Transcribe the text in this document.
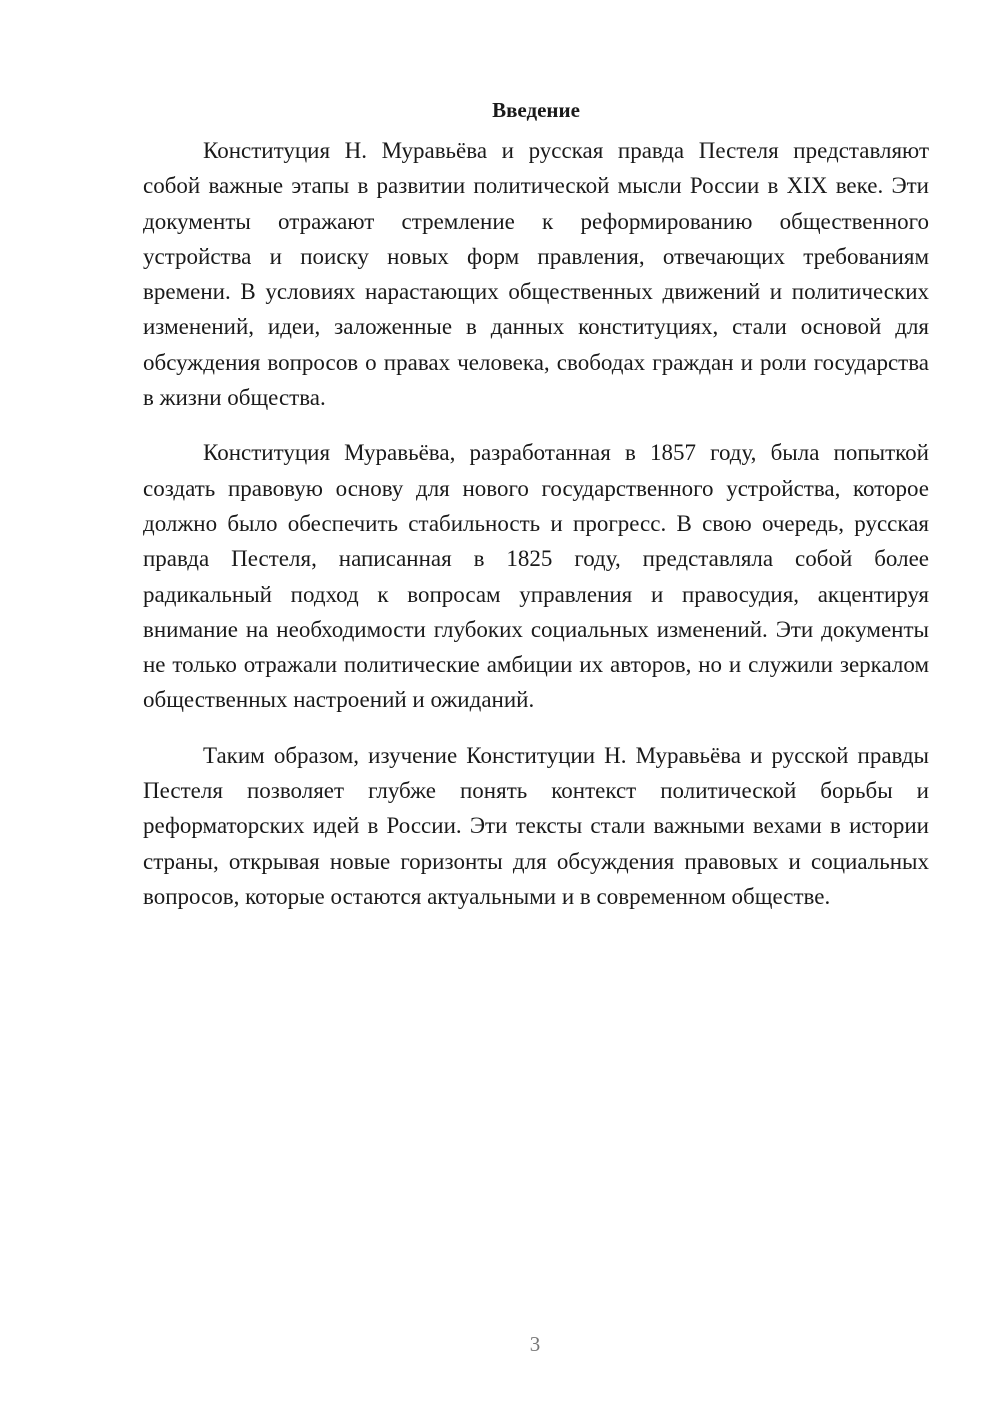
Введение

Конституция Н. Муравьёва и русская правда Пестеля представляют собой важные этапы в развитии политической мысли России в XIX веке. Эти документы отражают стремление к реформированию общественного устройства и поиску новых форм правления, отвечающих требованиям времени. В условиях нарастающих общественных движений и политических изменений, идеи, заложенные в данных конституциях, стали основой для обсуждения вопросов о правах человека, свободах граждан и роли государства в жизни общества.

Конституция Муравьёва, разработанная в 1857 году, была попыткой создать правовую основу для нового государственного устройства, которое должно было обеспечить стабильность и прогресс. В свою очередь, русская правда Пестеля, написанная в 1825 году, представляла собой более радикальный подход к вопросам управления и правосудия, акцентируя внимание на необходимости глубоких социальных изменений. Эти документы не только отражали политические амбиции их авторов, но и служили зеркалом общественных настроений и ожиданий.

Таким образом, изучение Конституции Н. Муравьёва и русской правды Пестеля позволяет глубже понять контекст политической борьбы и реформаторских идей в России. Эти тексты стали важными вехами в истории страны, открывая новые горизонты для обсуждения правовых и социальных вопросов, которые остаются актуальными и в современном обществе.

3
